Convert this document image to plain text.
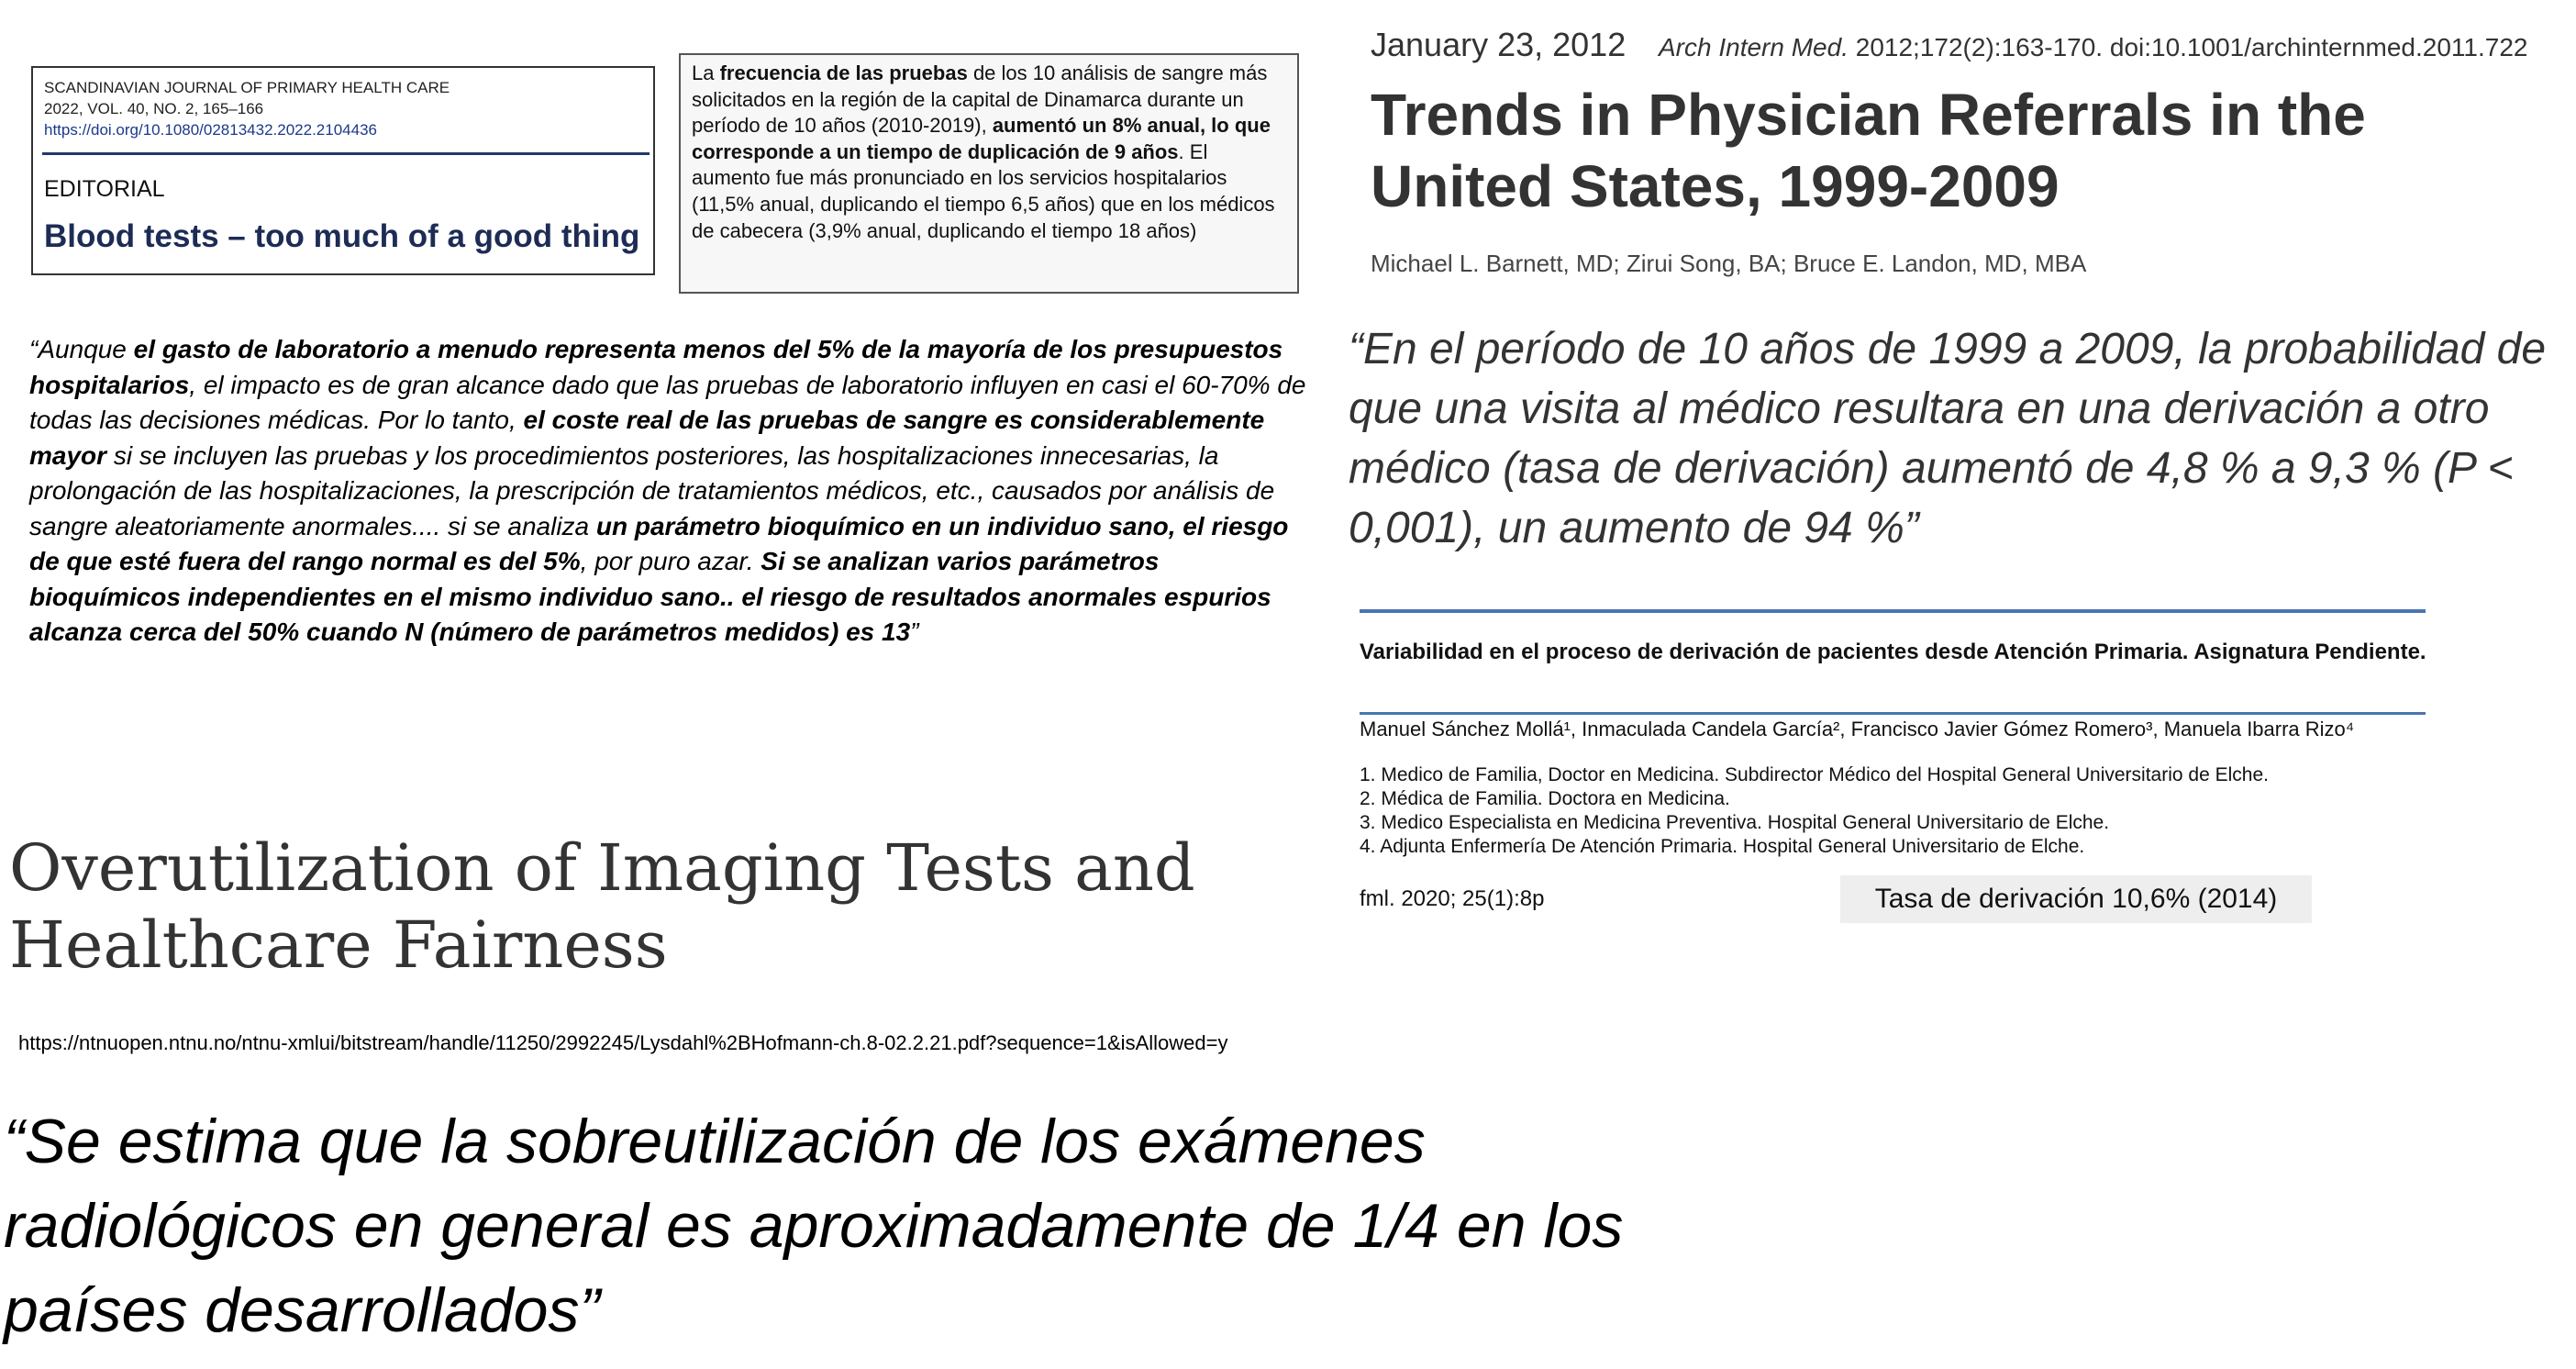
SCANDINAVIAN JOURNAL OF PRIMARY HEALTH CARE
2022, VOL. 40, NO. 2, 165–166
https://doi.org/10.1080/02813432.2022.2104436
EDITORIAL
Blood tests – too much of a good thing
La frecuencia de las pruebas de los 10 análisis de sangre más solicitados en la región de la capital de Dinamarca durante un período de 10 años (2010-2019), aumentó un 8% anual, lo que corresponde a un tiempo de duplicación de 9 años. El aumento fue más pronunciado en los servicios hospitalarios (11,5% anual, duplicando el tiempo 6,5 años) que en los médicos de cabecera (3,9% anual, duplicando el tiempo 18 años)
“Aunque el gasto de laboratorio a menudo representa menos del 5% de la mayoría de los presupuestos hospitalarios, el impacto es de gran alcance dado que las pruebas de laboratorio influyen en casi el 60-70% de todas las decisiones médicas. Por lo tanto, el coste real de las pruebas de sangre es considerablemente mayor si se incluyen las pruebas y los procedimientos posteriores, las hospitalizaciones innecesarias, la prolongación de las hospitalizaciones, la prescripción de tratamientos médicos, etc., causados por análisis de sangre aleatoriamente anormales.... si se analiza un parámetro bioquímico en un individuo sano, el riesgo de que esté fuera del rango normal es del 5%, por puro azar. Si se analizan varios parámetros bioquímicos independientes en el mismo individuo sano.. el riesgo de resultados anormales espurios alcanza cerca del 50% cuando N (número de parámetros medidos) es 13”
January 23, 2012 Arch Intern Med. 2012;172(2):163-170. doi:10.1001/archinternmed.2011.722
Trends in Physician Referrals in the United States, 1999-2009
Michael L. Barnett, MD; Zirui Song, BA; Bruce E. Landon, MD, MBA
“En el período de 10 años de 1999 a 2009, la probabilidad de que una visita al médico resultara en una derivación a otro médico (tasa de derivación) aumentó de 4,8 % a 9,3 % (P < 0,001), un aumento de 94 %”
Variabilidad en el proceso de derivación de pacientes desde Atención Primaria. Asignatura Pendiente.
Manuel Sánchez Mollá¹, Inmaculada Candela García², Francisco Javier Gómez Romero³, Manuela Ibarra Rizo⁴
1. Medico de Familia, Doctor en Medicina. Subdirector Médico del Hospital General Universitario de Elche.
2. Médica de Familia. Doctora en Medicina.
3. Medico Especialista en Medicina Preventiva. Hospital General Universitario de Elche.
4. Adjunta Enfermería De Atención Primaria. Hospital General Universitario de Elche.
fml. 2020; 25(1):8p	Tasa de derivación 10,6% (2014)
Overutilization of Imaging Tests and Healthcare Fairness
https://ntnuopen.ntnu.no/ntnu-xmlui/bitstream/handle/11250/2992245/Lysdahl%2BHofmann-ch.8-02.2.21.pdf?sequence=1&isAllowed=y
“Se estima que la sobreutilización de los exámenes radiológicos en general es aproximadamente de 1/4 en los países desarrollados”
